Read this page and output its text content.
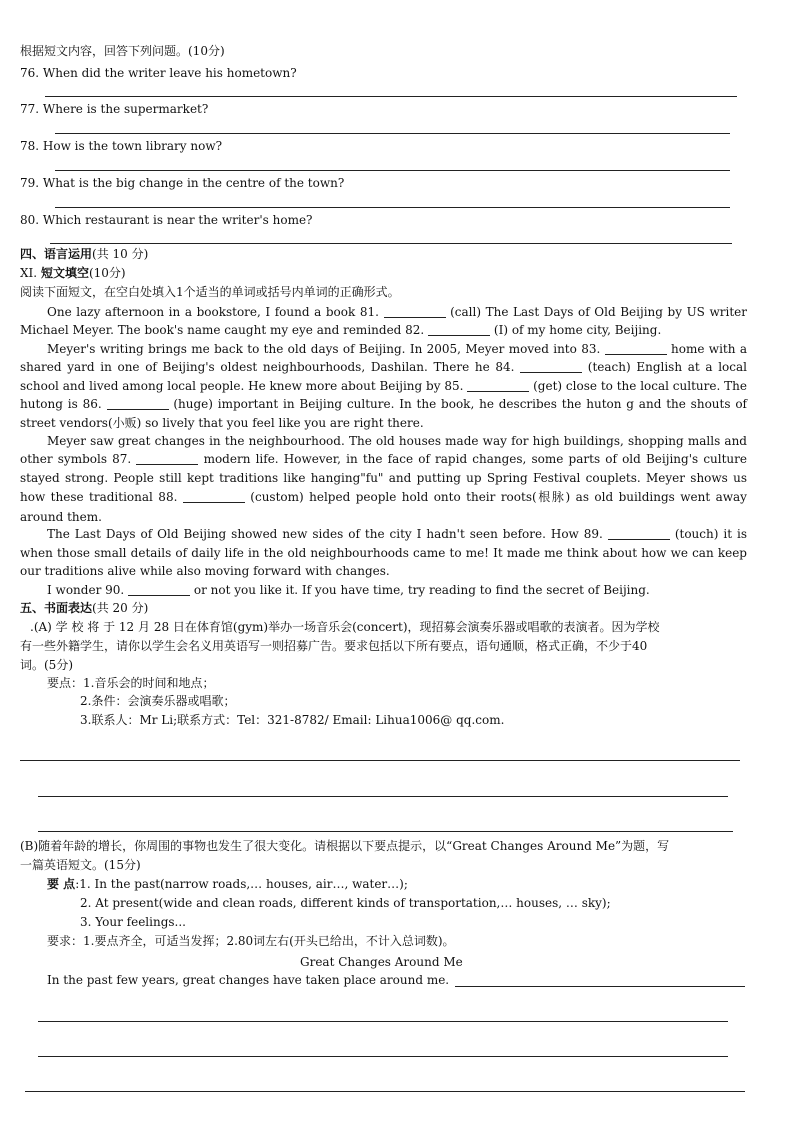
根据短文内容，回答下列问题。(10分)
76. When did the writer leave his hometown?
77. Where is the supermarket?
78. How is the town library now?
79. What is the big change in the centre of the town?
80. Which restaurant is near the writer's home?
四、语言运用(共 10 分)
XI. 短文填空(10分)
阅读下面短文，在空白处填入1个适当的单词或括号内单词的正确形式。
One lazy afternoon in a bookstore, I found a book 81.	(call) The Last Days of Old Beijing by US writer
Michael Meyer. The book's name caught my eye and reminded 82.	(I) of my home city, Beijing.
Meyer's writing brings me back to the old days of Beijing. In 2005, Meyer moved into 83.	home with a
shared yard in one of Beijing's oldest neighbourhoods, Dashilan. There he 84.	(teach) English at a local
school and lived among local people. He knew more about Beijing by 85.	(get) close to the local culture. The
hutong is 86.	(huge) important in Beijing culture. In the book, he describes the huton g and the shouts of
street vendors(小贩) so lively that you feel like you are right there.
Meyer saw great changes in the neighbourhood. The old houses made way for high buildings, shopping malls and
other symbols 87.	modern life. However, in the face of rapid changes, some parts of old Beijing's culture
stayed strong. People still kept traditions like hanging"fu" and putting up Spring Festival couplets. Meyer shows us
how these traditional 88.	(custom) helped people hold onto their roots(根脉) as old buildings went away
around them.
The Last Days of Old Beijing showed new sides of the city I hadn't seen before. How 89.	(touch) it is
when those small details of daily life in the old neighbourhoods came to me! It made me think about how we can keep
our traditions alive while also moving forward with changes.
I wonder 90.	or not you like it. If you have time, try reading to find the secret of Beijing.
五、书面表达(共 20 分)
.(A) 学 校 将 于 12 月 28 日在体育馆(gym)举办一场音乐会(concert)，现招募会演奏乐器或唱歌的表演者。因为学校
有一些外籍学生，请你以学生会名义用英语写一则招募广告。要求包括以下所有要点，语句通顺，格式正确，不少于40
词。(5分)
要点：1.音乐会的时间和地点；
2.条件：会演奏乐器或唱歌；
3.联系人：Mr Li;联系方式：Tel：321-8782/ Email: Lihua1006@ qq.com.
(B)随着年龄的增长，你周围的事物也发生了很大变化。请根据以下要点提示，以“Great Changes Around Me”为题，写
一篇英语短文。(15分)
要 点:1. In the past(narrow roads,… houses, air…, water…);
2. At present(wide and clean roads, different kinds of transportation,… houses, … sky);
3. Your feelings...
要求：1.要点齐全，可适当发挥；2.80词左右(开头已给出，不计入总词数)。
Great Changes Around Me
In the past few years, great changes have taken place around me.
